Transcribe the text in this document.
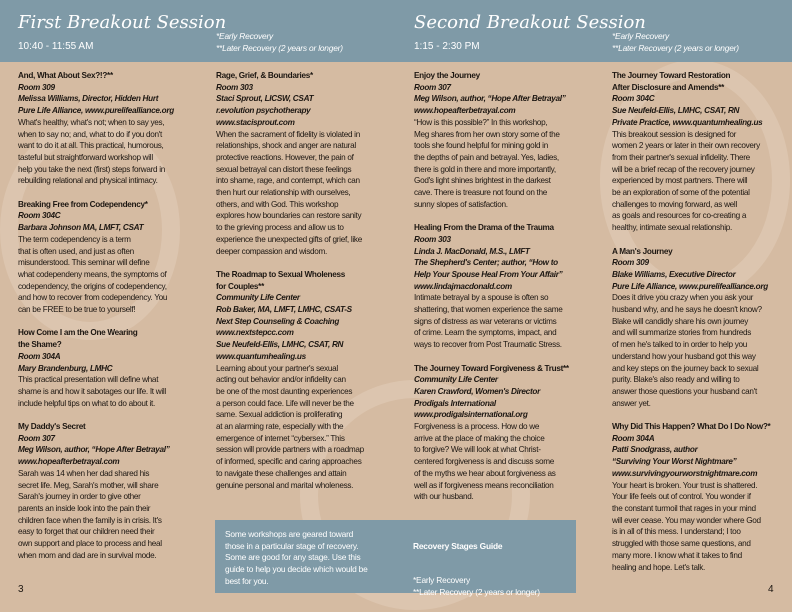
First Breakout Session
10:40 - 11:55 AM
*Early Recovery
**Later Recovery (2 years or longer)
Second Breakout Session
1:15 - 2:30 PM
*Early Recovery
**Later Recovery (2 years or longer)
And, What About Sex?!?**
Room 309
Melissa Williams, Director, Hidden Hurt
Pure Life Alliance, www.purelifealliance.org
What's healthy, what's not; when to say yes,
when to say no; and, what to do if you don't
want to do it at all. This practical, humorous,
tasteful but straightforward workshop will
help you take the next (first) steps forward in
rebuilding relational and physical intimacy.
Breaking Free from Codependency*
Room 304C
Barbara Johnson MA, LMFT, CSAT
The term codependency is a term
that is often used, and just as often
misunderstood. This seminar will define
what codependeny means, the symptoms of
codependency, the origins of codependency,
and how to recover from codependency. You
can be FREE to be true to yourself!
How Come I am the One Wearing
the Shame?
Room 304A
Mary Brandenburg, LMHC
This practical presentation will define what
shame is and how it sabotages our life. It will
include helpful tips on what to do about it.
My Daddy's Secret
Room 307
Meg Wilson, author, “Hope After Betrayal”
www.hopeafterbetrayal.com
Sarah was 14 when her dad shared his
secret life. Meg, Sarah's mother, will share
Sarah's journey in order to give other
parents an inside look into the pain their
children face when the family is in crisis. It's
easy to forget that our children need their
own support and place to process and heal
when mom and dad are in survival mode.
Rage, Grief, & Boundaries*
Room 303
Staci Sprout, LICSW, CSAT
r.evolution psychotherapy
www.stacisprout.com
When the sacrament of fidelity is violated in
relationships, shock and anger are natural
protective reactions. However, the pain of
sexual betrayal can distort these feelings
into shame, rage, and contempt, which can
then hurt our relationship with ourselves,
others, and with God. This workshop
explores how boundaries can restore sanity
to the grieving process and allow us to
experience the unexpected gifts of grief, like
deeper compassion and wisdom.
The Roadmap to Sexual Wholeness
for Couples**
Community Life Center
Rob Baker, MA, LMFT, LMHC, CSAT-S
Next Step Counseling & Coaching
www.nextstepcc.com
Sue Neufeld-Ellis, LMHC, CSAT, RN
www.quantumhealing.us
Learning about your partner's sexual
acting out behavior and/or infidelity can
be one of the most daunting experiences
a person could face. Life will never be the
same. Sexual addiction is proliferating
at an alarming rate, especially with the
emergence of internet “cybersex.” This
session will provide partners with a roadmap
of informed, specific and caring approaches
to navigate these challenges and attain
genuine personal and marital wholeness.
Enjoy the Journey
Room 307
Meg Wilson, author, “Hope After Betrayal”
www.hopeafterbetrayal.com
“How is this possible?” In this workshop,
Meg shares from her own story some of the
tools she found helpful for mining gold in
the depths of pain and betrayal. Yes, ladies,
there is gold in there and more importantly,
God's light shines brightest in the darkest
cave. There is treasure not found on the
sunny slopes of satisfaction.
Healing From the Drama of the Trauma
Room 303
Linda J. MacDonald, M.S., LMFT
The Shepherd's Center; author, “How to
Help Your Spouse Heal From Your Affair”
www.lindajmacdonald.com
Intimate betrayal by a spouse is often so
shattering, that women experience the same
signs of distress as war veterans or victims
of crime. Learn the symptoms, impact, and
ways to recover from Post Traumatic Stress.
The Journey Toward Forgiveness & Trust**
Community Life Center
Karen Crawford, Women's Director
Prodigals International
www.prodigalsinternational.org
Forgiveness is a process. How do we
arrive at the place of making the choice
to forgive? We will look at what Christ-
centered forgiveness is and discuss some
of the myths we hear about forgiveness as
well as if forgiveness means reconciliation
with our husband.
The Journey Toward Restoration
After Disclosure and Amends**
Room 304C
Sue Neufeld-Ellis, LMHC, CSAT, RN
Private Practice, www.quantumhealing.us
This breakout session is designed for
women 2 years or later in their own recovery
from their partner's sexual infidelity. There
will be a brief recap of the recovery journey
experienced by most partners. There will
be an exploration of some of the potential
challenges to moving forward, as well
as goals and resources for co-creating a
healthy, intimate sexual relationship.
A Man's Journey
Room 309
Blake Williams, Executive Director
Pure Life Alliance, www.purelifealliance.org
Does it drive you crazy when you ask your
husband why, and he says he doesn't know?
Blake will candidly share his own journey
and will summarize stories from hundreds
of men he's talked to in order to help you
understand how your husband got this way
and key steps on the journey back to sexual
purity. Blake's also ready and willing to
answer those questions your husband can't
answer yet.
Why Did This Happen? What Do I Do Now?*
Room 304A
Patti Snodgrass, author
“Surviving Your Worst Nightmare”
www.survivingyourworstnightmare.com
Your heart is broken. Your trust is shattered.
Your life feels out of control. You wonder if
the constant turmoil that rages in your mind
will ever cease. You may wonder where God
is in all of this mess. I understand; I too
struggled with those same questions, and
many more. I know what it takes to find
healing and hope. Let's talk.
Some workshops are geared toward
those in a particular stage of recovery.
Some are good for any stage. Use this
guide to help you decide which would be
best for you.

Recovery Stages Guide

*Early Recovery
**Later Recovery (2 years or longer)

3	4
